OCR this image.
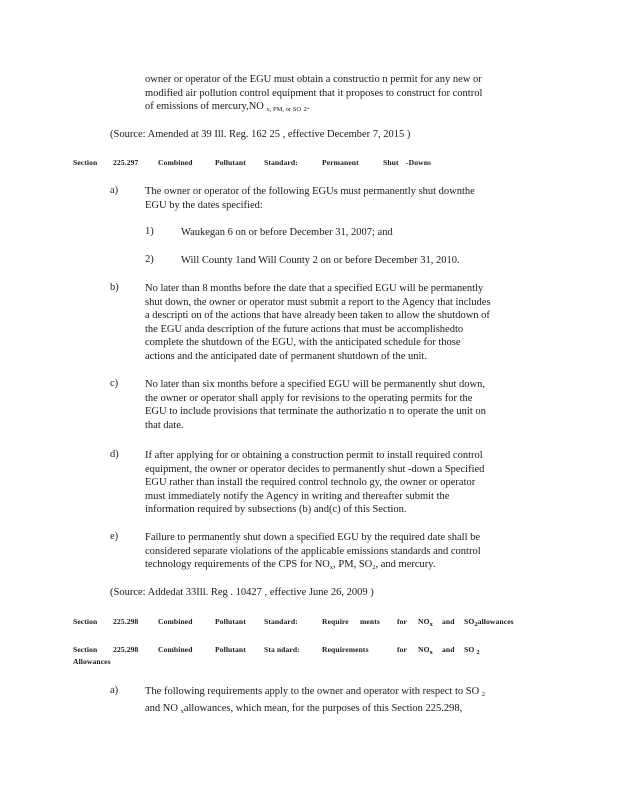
owner or operator of the EGU must obtain a constructio n permit for any new or
modified air pollution control equipment that it proposes to construct for control
of emissions of mercury,NO $_{x, PM, or SO}$ $_2$.
(Source: Amended at 39 Ill. Reg. 162 25 , effective December 7, 2015 )
Section 225.297	Combined	Pollutant Standard:	Permanent	Shut -Downs
a)	The owner or operator of the following EGUs must permanently shut downthe
EGU by the dates specified:
1)	Waukegan 6 on or before December 31, 2007; and
2)	Will County 1and Will County 2 on or before December 31, 2010.
b)	No later than 8 months before the date that a specified EGU will be permanently
shut down, the owner or operator must submit a report to the Agency that includes
a descripti on of the actions that have already been taken to allow the shutdown of
the EGU anda description of the future actions that must be accomplishedto
complete the shutdown of the EGU, with the anticipated schedule for those
actions and the anticipated date of permanent shutdown of the unit.
c)	No later than six months before a specified EGU will be permanently shut down,
the owner or operator shall apply for revisions to the operating permits for the
EGU to include provisions that terminate the authorizatio n to operate the unit on
that date.
d)	If after applying for or obtaining a construction permit to install required control
equipment, the owner or operator decides to permanently shut -down a Specified
EGU rather than install the required control technolo gy, the owner or operator
must immediately notify the Agency in writing and thereafter submit the
information required by subsections (b) and(c) of this Section.
e)	Failure to permanently shut down a specified EGU by the required date shall be
considered separate violations of the applicable emissions standards and control
technology requirements of the CPS for $NO_x$, PM, $SO_2$, and mercury.
(Source: Addedat 33Ill. Reg . 10427 , effective June 26, 2009 )
Section 225.298	Combined	Pollutant Standard:	Require ments for $NO_x$ and $SO_2allowances$
Section 225.298	Combined	Pollutant Sta ndard:	Requirements	for $NO_x$ and SO $_2$
Allowances
a)	The following requirements apply to the owner and operator with respect to SO $_2$
and NO $_x$allowances, which mean, for the purposes of this Section 225.298,
